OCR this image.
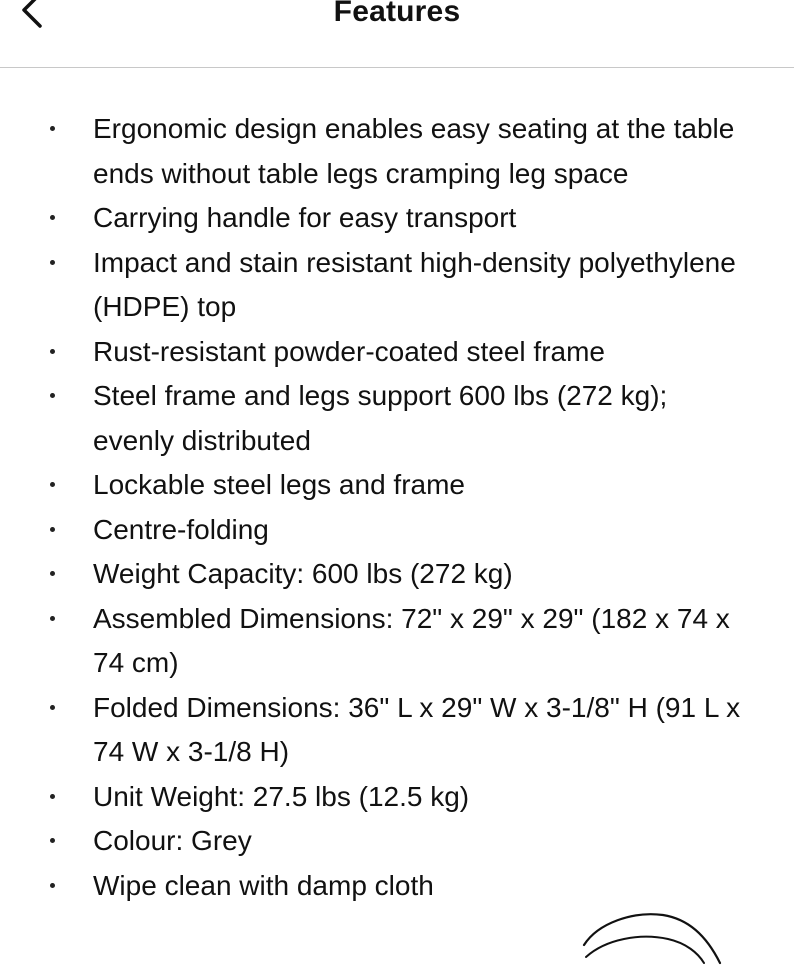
Features
Ergonomic design enables easy seating at the table ends without table legs cramping leg space
Carrying handle for easy transport
Impact and stain resistant high-density polyethylene (HDPE) top
Rust-resistant powder-coated steel frame
Steel frame and legs support 600 lbs (272 kg); evenly distributed
Lockable steel legs and frame
Centre-folding
Weight Capacity: 600 lbs (272 kg)
Assembled Dimensions: 72" x 29" x 29" (182 x 74 x 74 cm)
Folded Dimensions: 36" L x 29" W x 3-1/8" H (91 L x 74 W x 3-1/8 H)
Unit Weight: 27.5 lbs (12.5 kg)
Colour: Grey
Wipe clean with damp cloth
